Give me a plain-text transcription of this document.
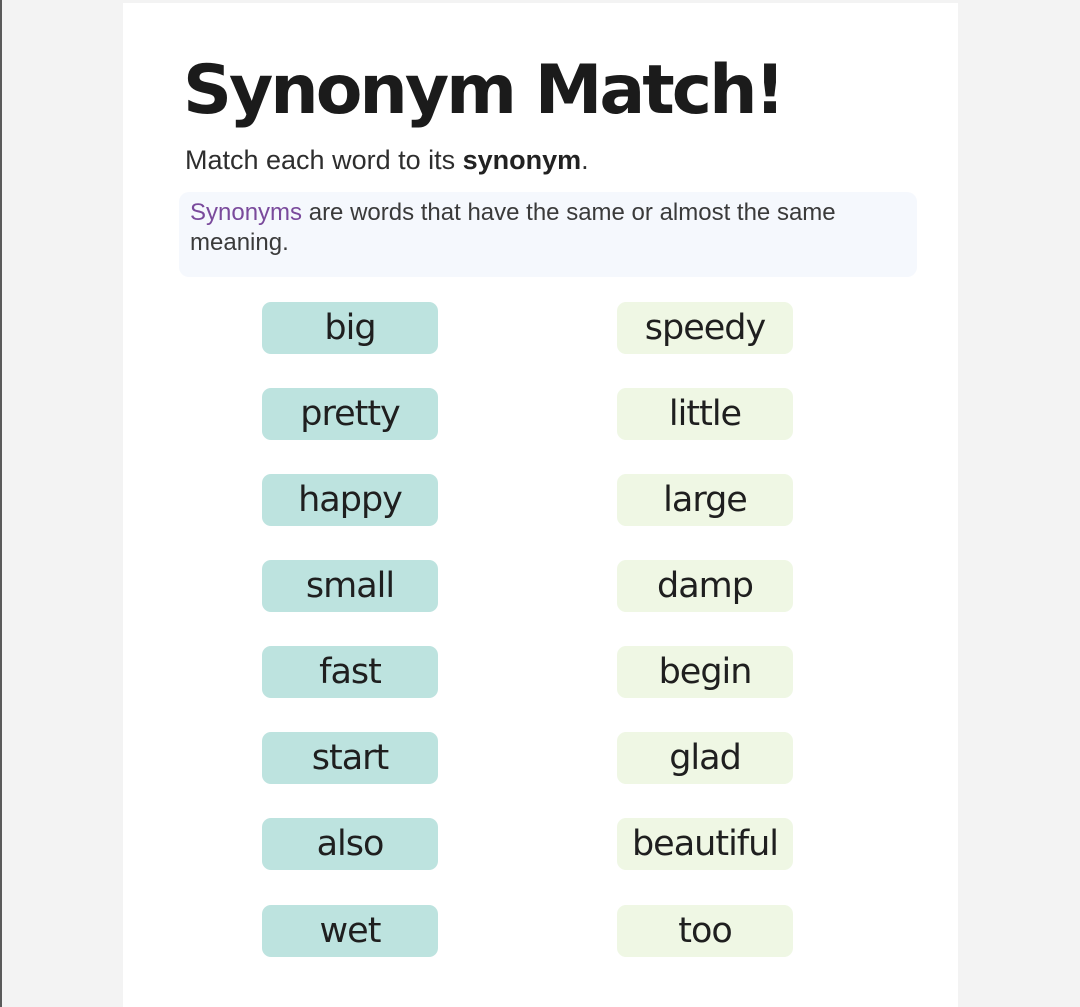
Synonym Match!

Match each word to its synonym.

Synonyms are words that have the same or almost the same meaning.
big
pretty
happy
small
fast
start
also
wet
speedy
little
large
damp
begin
glad
beautiful
too
